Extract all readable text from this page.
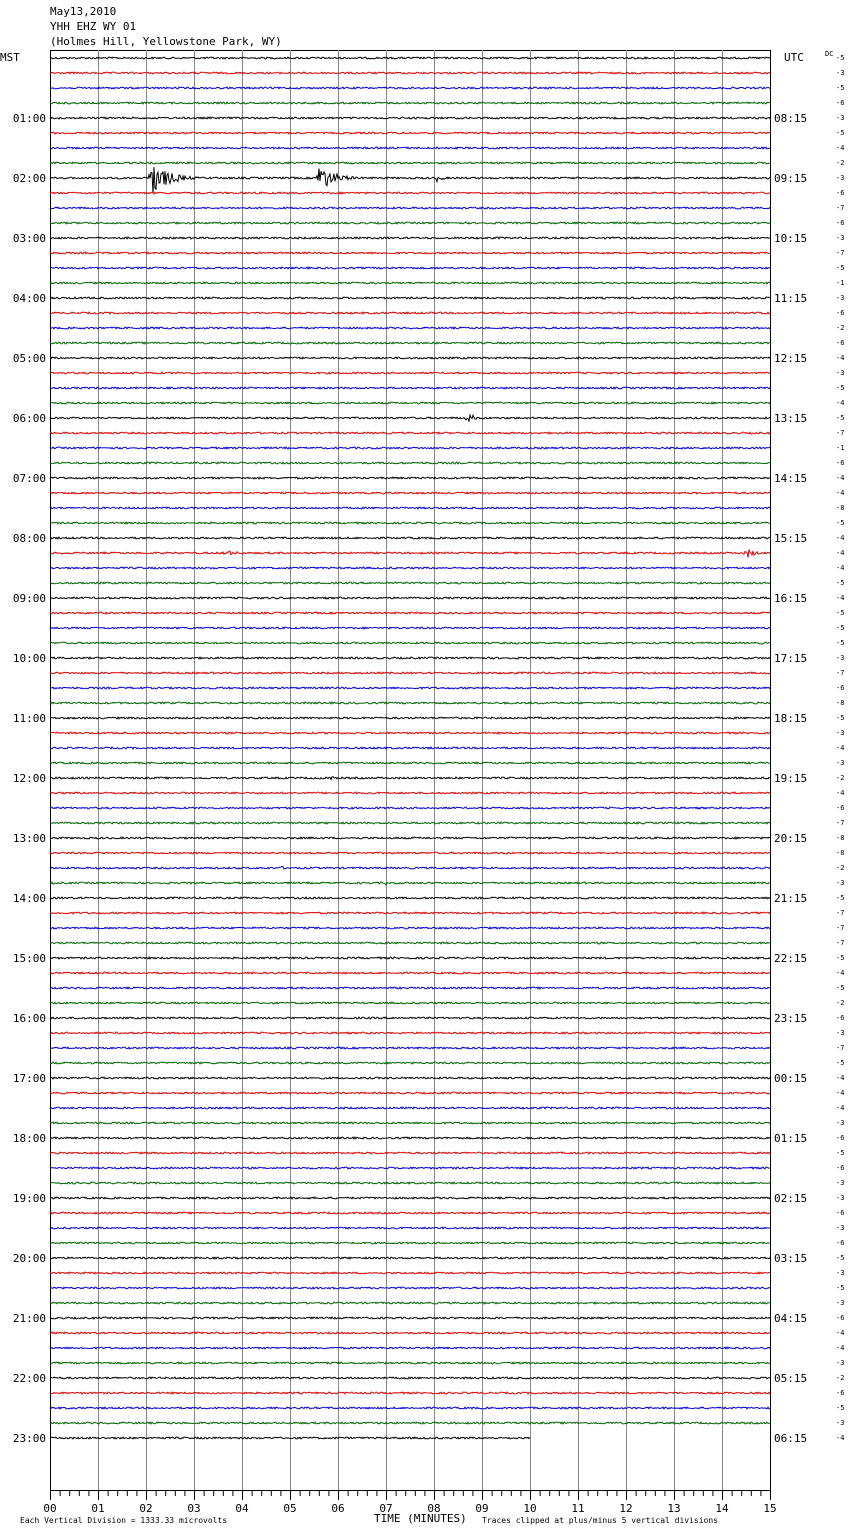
May13,2010
YHH EHZ WY 01
(Holmes Hill, Yellowstone Park, WY)
MST	UTC	DC
01:00
02:00
03:00
04:00
05:00
06:00
07:00
08:00
09:00
10:00
11:00
12:00
13:00
14:00
15:00
16:00
17:00
18:00
19:00
20:00
21:00
22:00
23:00
08:15
09:15
10:15
11:15
12:15
13:15
14:15
15:15
16:15
17:15
18:15
19:15
20:15
21:15
22:15
23:15
00:15
01:15
02:15
03:15
04:15
05:15
06:15
-5
-3
-5
-6
-3
-5
-4
-2
-3
-6
-7
-6
-3
-7
-5
-1
-3
-6
-2
-6
-4
-3
-5
-4
-5
-7
-1
-6
-4
-4
-8
-5
-4
-4
-4
-5
-4
-5
-5
-5
-3
-7
-6
-8
-5
-3
-4
-3
-2
-4
-6
-7
-8
-8
-2
-3
-5
-7
-7
-7
-5
-4
-5
-2
-6
-3
-7
-5
-4
-4
-4
-3
-6
-5
-6
-3
-3
-6
-3
-6
-5
-3
-5
-3
-6
-4
-4
-3
-2
-6
-5
-3
-4
00	01	02	03	04	05	06	07	08	09	10	11	12	13	14	15
Each Vertical Division = 1333.33 microvolts	TIME (MINUTES) Traces clipped at plus/minus 5 vertical divisions
